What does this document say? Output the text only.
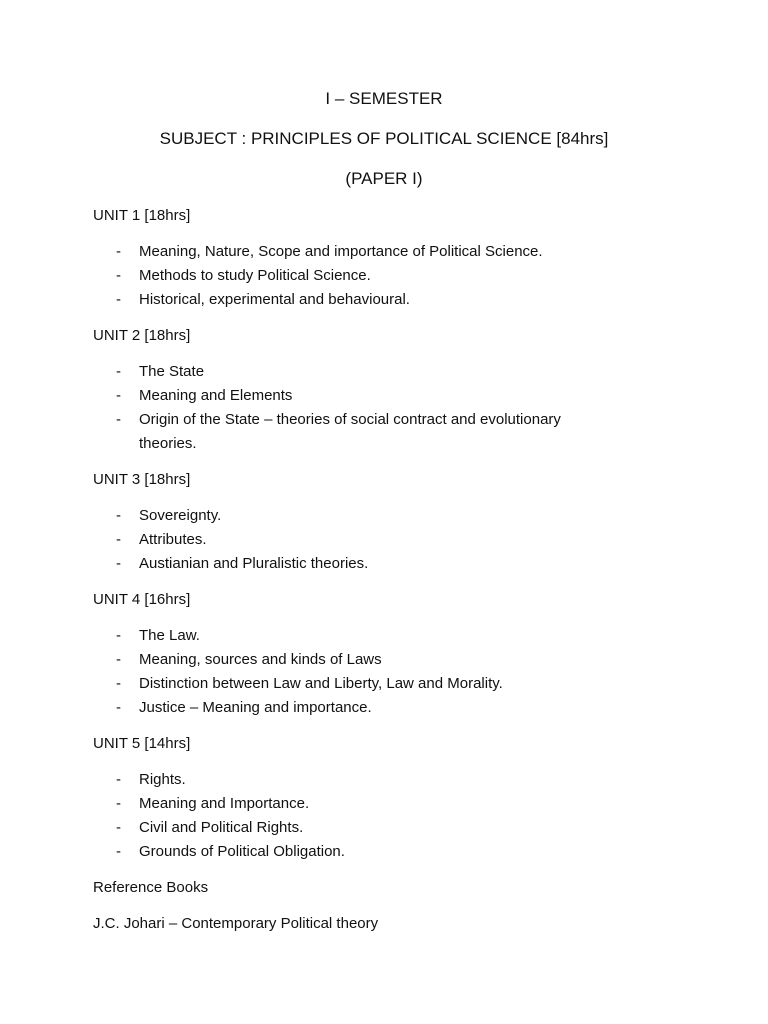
I – SEMESTER
SUBJECT : PRINCIPLES OF POLITICAL SCIENCE [84hrs]
(PAPER I)
UNIT 1 [18hrs]
- Meaning, Nature, Scope and importance of Political Science.
- Methods to study Political Science.
- Historical, experimental and behavioural.
UNIT 2 [18hrs]
- The State
- Meaning and Elements
- Origin of the State – theories of social contract and evolutionary theories.
UNIT 3 [18hrs]
- Sovereignty.
- Attributes.
- Austianian and Pluralistic theories.
UNIT 4 [16hrs]
- The Law.
- Meaning, sources and kinds of Laws
- Distinction between Law and Liberty, Law and Morality.
- Justice – Meaning and importance.
UNIT 5 [14hrs]
- Rights.
- Meaning and Importance.
- Civil and Political Rights.
- Grounds of Political Obligation.
Reference Books
J.C. Johari – Contemporary Political theory
